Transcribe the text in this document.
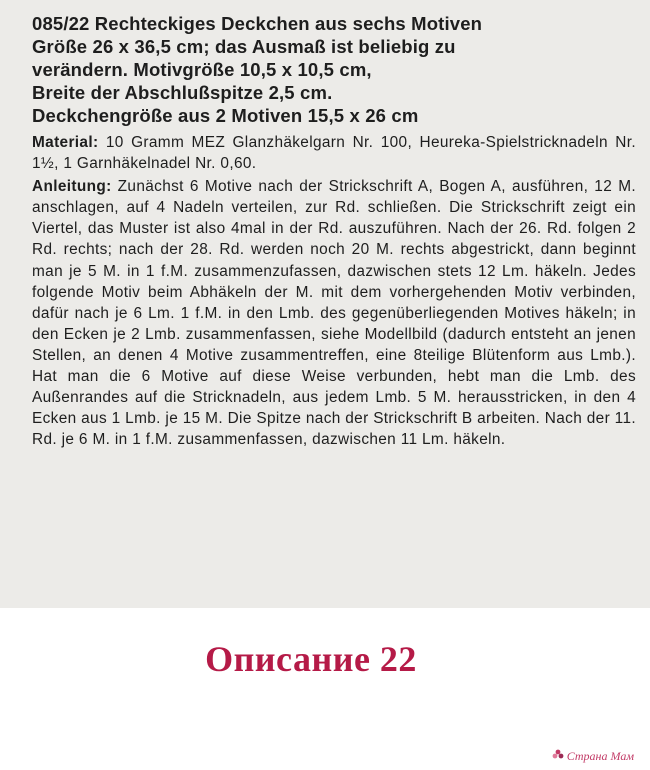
085/22 Rechteckiges Deckchen aus sechs Motiven

Größe 26 x 36,5 cm; das Ausmaß ist beliebig zu

verändern. Motivgröße 10,5 x 10,5 cm,

Breite der Abschlußspitze 2,5 cm.

Deckchengröße aus 2 Motiven 15,5 x 26 cm

Material: 10 Gramm MEZ Glanzhäkelgarn Nr. 100, Heureka-Spielstricknadeln Nr. 1½, 1 Garnhäkelnadel Nr. 0,60.

Anleitung: Zunächst 6 Motive nach der Strickschrift A, Bogen A, ausführen, 12 M. anschlagen, auf 4 Nadeln verteilen, zur Rd. schließen. Die Strickschrift zeigt ein Viertel, das Muster ist also 4mal in der Rd. auszuführen. Nach der 26. Rd. folgen 2 Rd. rechts; nach der 28. Rd. werden noch 20 M. rechts abgestrickt, dann beginnt man je 5 M. in 1 f.M. zusammenzufassen, dazwischen stets 12 Lm. häkeln. Jedes folgende Motiv beim Abhäkeln der M. mit dem vorhergehenden Motiv verbinden, dafür nach je 6 Lm. 1 f.M. in den Lmb. des gegenüberliegenden Motives häkeln; in den Ecken je 2 Lmb. zusammenfassen, siehe Modellbild (dadurch entsteht an jenen Stellen, an denen 4 Motive zusammentreffen, eine 8teilige Blütenform aus Lmb.). Hat man die 6 Motive auf diese Weise verbunden, hebt man die Lmb. des Außenrandes auf die Stricknadeln, aus jedem Lmb. 5 M. herausstricken, in den 4 Ecken aus 1 Lmb. je 15 M. Die Spitze nach der Strickschrift B arbeiten. Nach der 11. Rd. je 6 M. in 1 f.M. zusammenfassen, dazwischen 11 Lm. häkeln.

Описание 22

Страна Мам
